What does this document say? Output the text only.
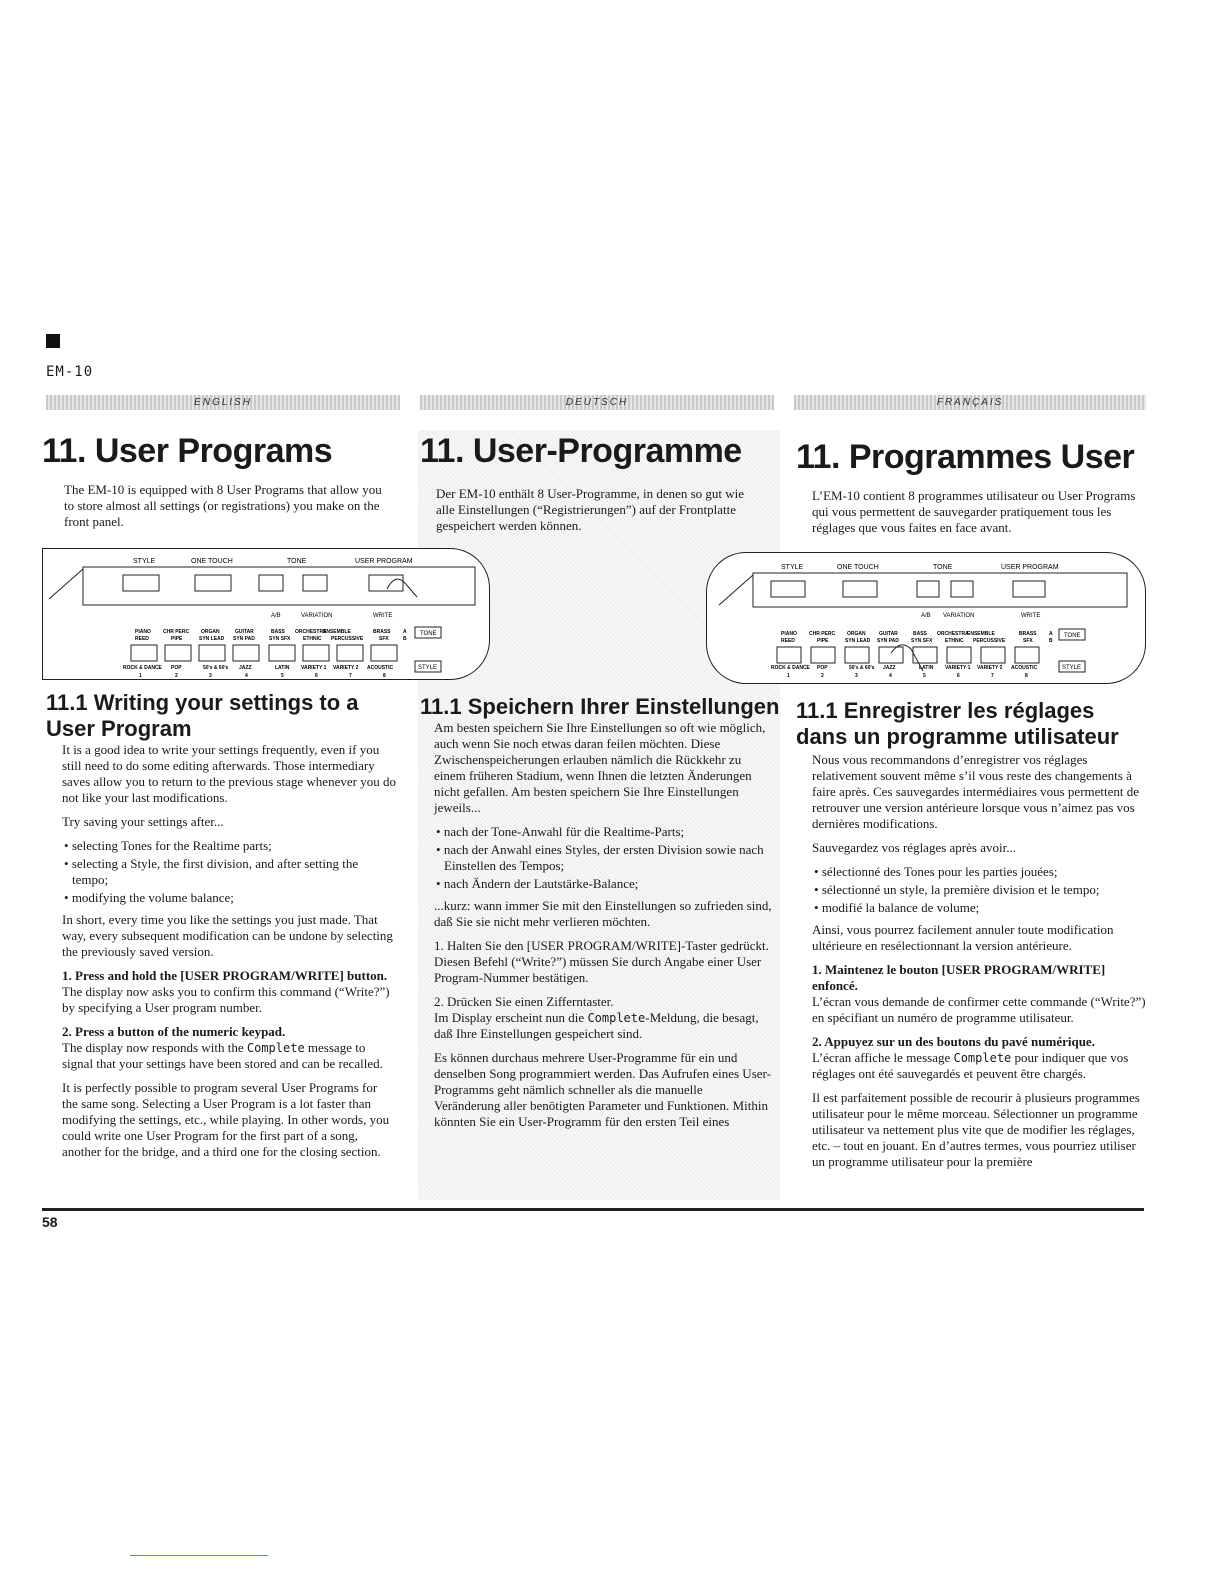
EM-10
ENGLISH	DEUTSCH	FRANÇAIS
11. User Programs	11. User-Programme 11. Programmes User
The EM-10 is equipped with 8 User Programs that allow you to store almost all settings (or registrations) you make on the front panel.
Der EM-10 enthält 8 User-Programme, in denen so gut wie alle Einstellungen (“Registrierungen”) auf der Frontplatte gespeichert werden können.
L’EM-10 contient 8 programmes utilisateur ou User Programs qui vous permettent de sauvegarder pratiquement tous les réglages que vous faites en face avant.
STYLE	ONE TOUCH	TONE	USER PROGRAM
A/B	VARIATION	WRITE
PIANO CHR PERC ORGAN	GUITAR	BASS ORCHESTRA
ENSEMBLE	BRASS
REED	PIPE	SYN LEAD SYN PAD	SYN SFX	ETHNIC PERCUSSIVE	SFX
ROCK & DANCE POP	50's & 60's JAZZ	LATIN VARIETY 1 VARIETY 2 ACOUSTIC
1	2	3	4	5	6	7	8
A
B
TONE
STYLE
STYLE	ONE TOUCH	TONE	USER PROGRAM
A/B VARIATION	WRITE
PIANO CHR PERC ORGAN	GUITAR	BASS ORCHESTRA
ENSEMBLE	BRASS
REED	PIPE	SYN LEAD SYN PAD SYN SFX	ETHNIC PERCUSSIVE	SFX
ROCK & DANCE POP	50's & 60's JAZZ	LATIN VARIETY 1 VARIETY 2 ACOUSTIC
1	2	3	4	5	6	7	8
A
B
TONE
STYLE
11.1 Writing your settings to a User Program

It is a good idea to write your settings frequently, even if you still need to do some editing afterwards. Those intermediary saves allow you to return to the previous stage whenever you do not like your last modifications.

Try saving your settings after...

• selecting Tones for the Realtime parts;
• selecting a Style, the first division, and after setting the tempo;
• modifying the volume balance;

In short, every time you like the settings you just made. That way, every subsequent modification can be undone by selecting the previously saved version.

1. Press and hold the [USER PROGRAM/WRITE] button.

The display now asks you to confirm this command (“Write?”) by specifying a User program number.

2. Press a button of the numeric keypad.

The display now responds with the Complete message to signal that your settings have been stored and can be recalled.

It is perfectly possible to program several User Programs for the same song. Selecting a User Program is a lot faster than modifying the settings, etc., while playing. In other words, you could write one User Program for the first part of a song, another for the bridge, and a third one for the closing section.

11.1 Speichern Ihrer Einstellungen

Am besten speichern Sie Ihre Einstellungen so oft wie möglich, auch wenn Sie noch etwas daran feilen möchten. Diese Zwischenspeicherungen erlauben nämlich die Rückkehr zu einem früheren Stadium, wenn Ihnen die letzten Änderungen nicht gefallen. Am besten speichern Sie Ihre Einstellungen jeweils...

• nach der Tone-Anwahl für die Realtime-Parts;
• nach der Anwahl eines Styles, der ersten Division sowie nach Einstellen des Tempos;
• nach Ändern der Lautstärke-Balance;

...kurz: wann immer Sie mit den Einstellungen so zufrieden sind, daß Sie sie nicht mehr verlieren möchten.

1. Halten Sie den [USER PROGRAM/WRITE]-Taster gedrückt.

Diesen Befehl (“Write?”) müssen Sie durch Angabe einer User Program-Nummer bestätigen.

2. Drücken Sie einen Zifferntaster.

Im Display erscheint nun die Complete-Meldung, die besagt, daß Ihre Einstellungen gespeichert sind.

Es können durchaus mehrere User-Programme für ein und denselben Song programmiert werden. Das Aufrufen eines User-Programms geht nämlich schneller als die manuelle Veränderung aller benötigten Parameter und Funktionen. Mithin könnten Sie ein User-Programm für den ersten Teil eines

11.1 Enregistrer les réglages dans un programme utilisateur

Nous vous recommandons d’enregistrer vos réglages relativement souvent même s’il vous reste des changements à faire après. Ces sauvegardes intermédiaires vous permettent de retrouver une version antérieure lorsque vous n’aimez pas vos dernières modifications.

Sauvegardez vos réglages après avoir...

• sélectionné des Tones pour les parties jouées;
• sélectionné un style, la première division et le tempo;
• modifié la balance de volume;

Ainsi, vous pourrez facilement annuler toute modification ultérieure en resélectionnant la version antérieure.

1. Maintenez le bouton [USER PROGRAM/WRITE] enfoncé.

L’écran vous demande de confirmer cette commande (“Write?”) en spécifiant un numéro de programme utilisateur.

2. Appuyez sur un des boutons du pavé numérique.

L’écran affiche le message Complete pour indiquer que vos réglages ont été sauvegardés et peuvent être chargés.

Il est parfaitement possible de recourir à plusieurs programmes utilisateur pour le même morceau. Sélectionner un programme utilisateur va nettement plus vite que de modifier les réglages, etc. – tout en jouant. En d’autres termes, vous pourriez utiliser un programme utilisateur pour la première

58
